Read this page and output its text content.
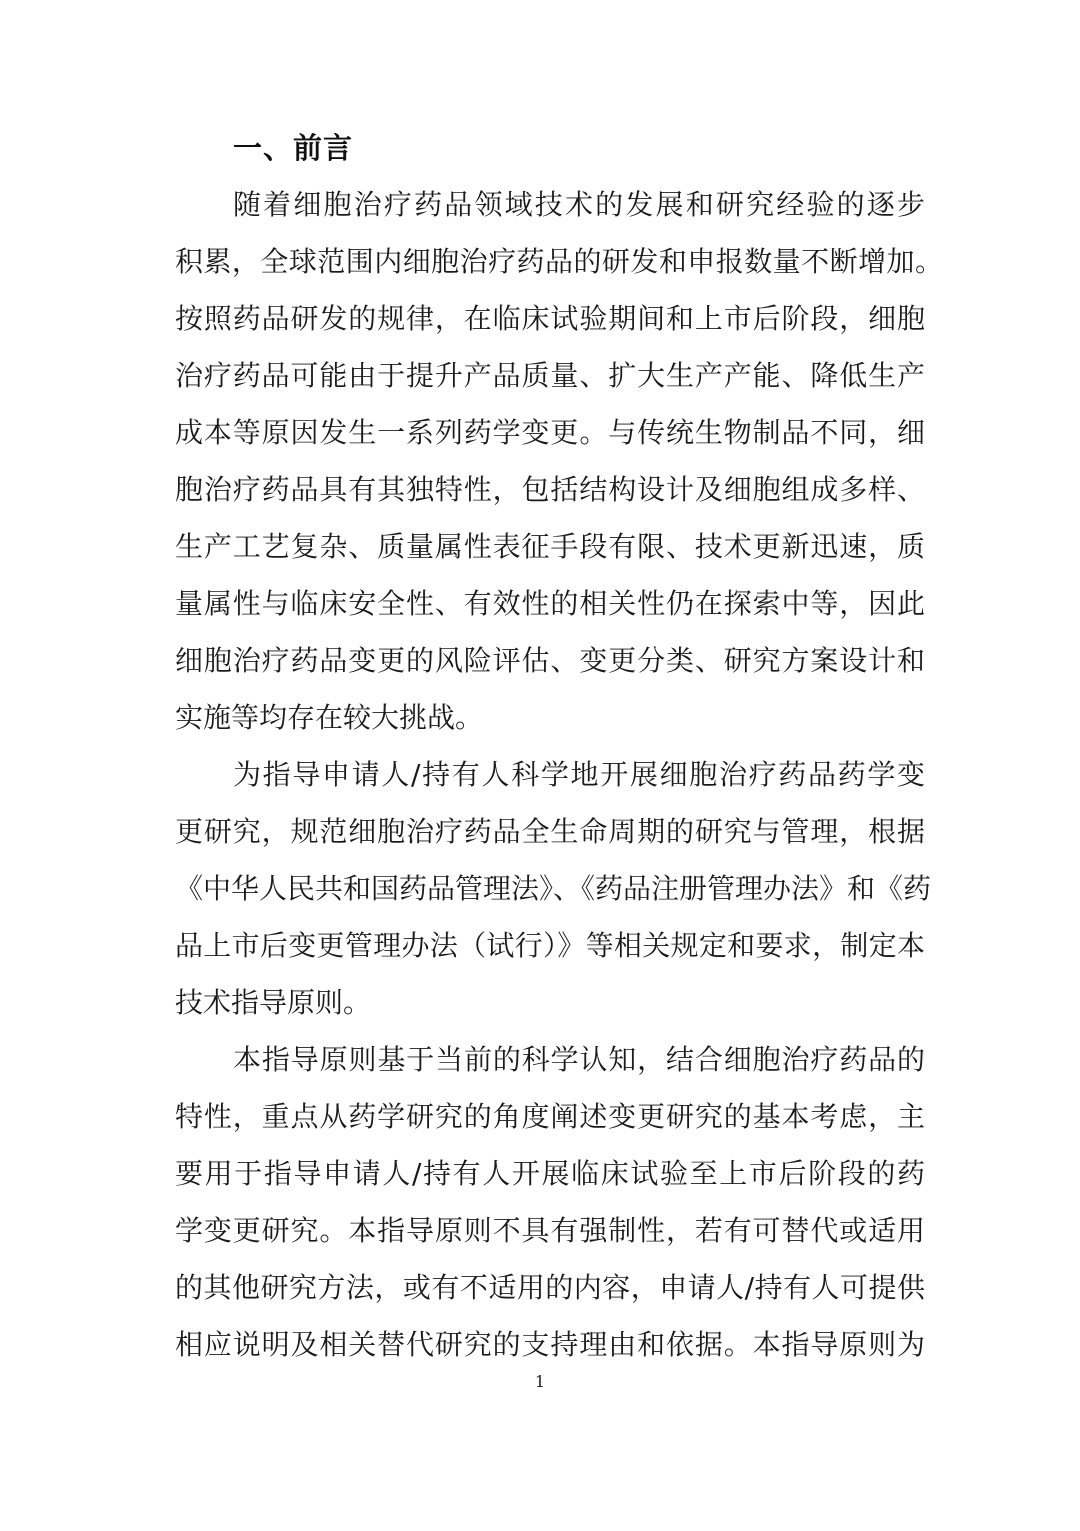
一、前言
随着细胞治疗药品领域技术的发展和研究经验的逐步
积累，全球范围内细胞治疗药品的研发和申报数量不断增加。
按照药品研发的规律，在临床试验期间和上市后阶段，细胞
治疗药品可能由于提升产品质量、扩大生产产能、降低生产
成本等原因发生一系列药学变更。与传统生物制品不同，细
胞治疗药品具有其独特性，包括结构设计及细胞组成多样、
生产工艺复杂、质量属性表征手段有限、技术更新迅速，质
量属性与临床安全性、有效性的相关性仍在探索中等，因此
细胞治疗药品变更的风险评估、变更分类、研究方案设计和
实施等均存在较大挑战。
为指导申请人/持有人科学地开展细胞治疗药品药学变
更研究，规范细胞治疗药品全生命周期的研究与管理，根据
《中华人民共和国药品管理法》、《药品注册管理办法》和《药
品上市后变更管理办法（试行）》等相关规定和要求，制定本
技术指导原则。
本指导原则基于当前的科学认知，结合细胞治疗药品的
特性，重点从药学研究的角度阐述变更研究的基本考虑，主
要用于指导申请人/持有人开展临床试验至上市后阶段的药
学变更研究。本指导原则不具有强制性，若有可替代或适用
的其他研究方法，或有不适用的内容，申请人/持有人可提供
相应说明及相关替代研究的支持理由和依据。本指导原则为
1
